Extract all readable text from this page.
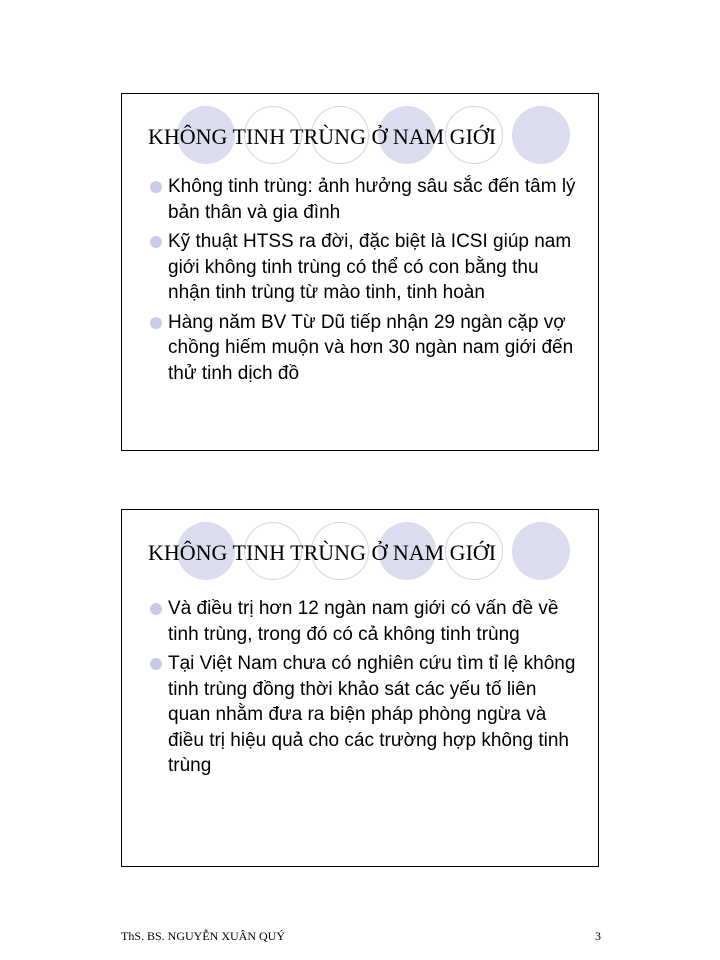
KHÔNG TINH TRÙNG Ở NAM GIỚI
Không tinh trùng: ảnh hưởng sâu sắc đến tâm lý bản thân và gia đình
Kỹ thuật HTSS ra đời, đặc biệt là ICSI giúp nam giới không tinh trùng có thể có con bằng thu nhận tinh trùng từ mào tinh, tinh hoàn
Hàng năm BV Từ Dũ tiếp nhận 29 ngàn cặp vợ chồng hiếm muộn và hơn 30 ngàn nam giới đến thử tinh dịch đồ
KHÔNG TINH TRÙNG Ở NAM GIỚI
Và điều trị hơn 12 ngàn nam giới có vấn đề về tinh trùng, trong đó có cả không tinh trùng
Tại Việt Nam chưa có nghiên cứu tìm tỉ lệ không tinh trùng đồng thời khảo sát các yếu tố liên quan nhằm đưa ra biện pháp phòng ngừa và điều trị hiệu quả cho các trường hợp không tinh trùng
ThS. BS. NGUYỄN XUÂN QUÝ	3
